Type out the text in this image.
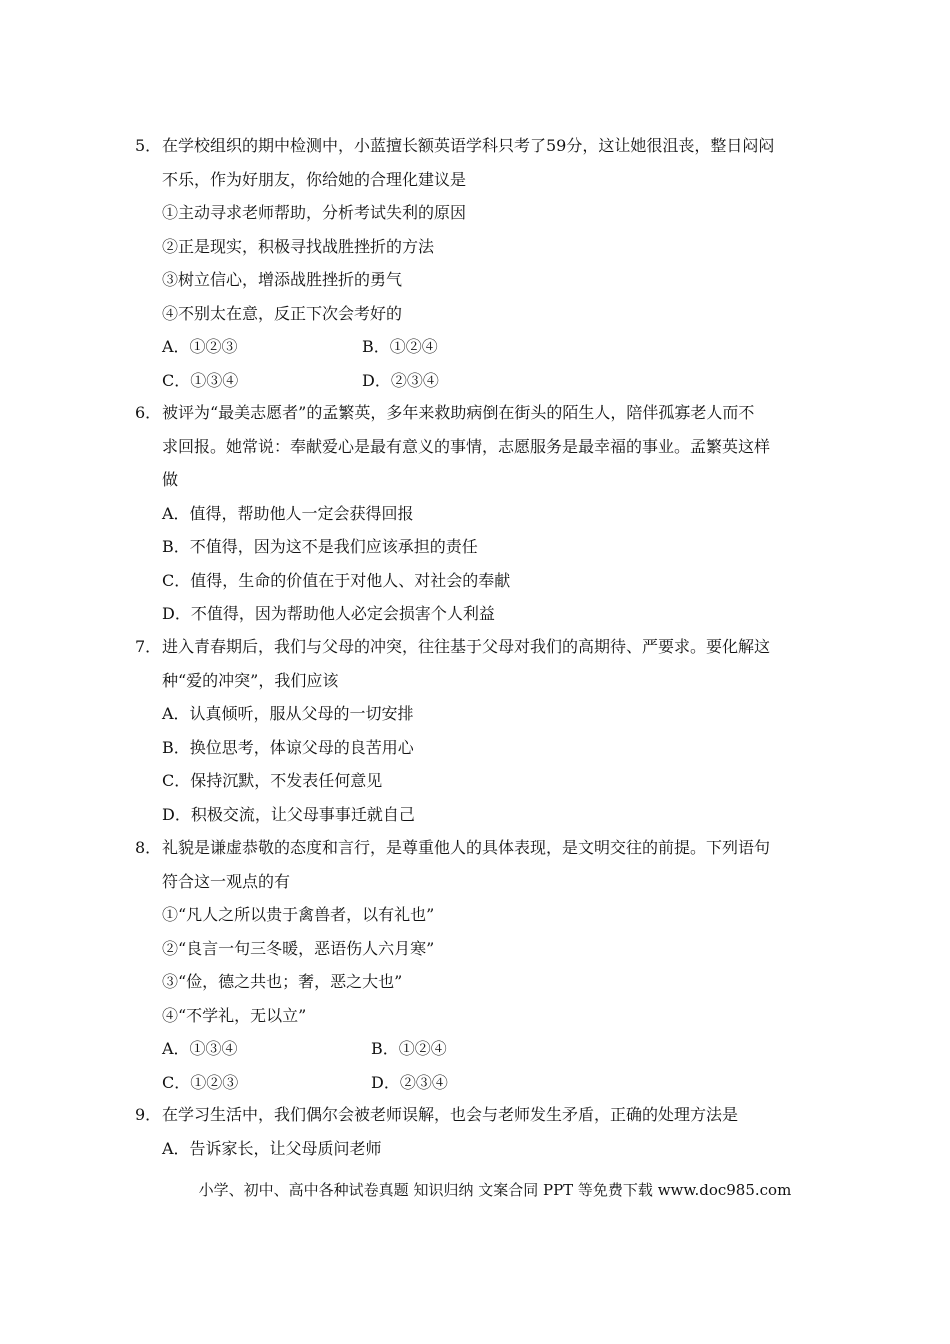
5．在学校组织的期中检测中，小蓝擅长额英语学科只考了59分，这让她很沮丧，整日闷闷
不乐，作为好朋友，你给她的合理化建议是
①主动寻求老师帮助，分析考试失利的原因
②正是现实，积极寻找战胜挫折的方法
③树立信心，增添战胜挫折的勇气
④不别太在意，反正下次会考好的
A．①②③	B．①②④
C．①③④	D．②③④
6．被评为“最美志愿者”的孟繁英，多年来救助病倒在街头的陌生人，陪伴孤寡老人而不
求回报。她常说：奉献爱心是最有意义的事情，志愿服务是最幸福的事业。孟繁英这样
做
A．值得，帮助他人一定会获得回报
B．不值得，因为这不是我们应该承担的责任
C．值得，生命的价值在于对他人、对社会的奉献
D．不值得，因为帮助他人必定会损害个人利益
7．进入青春期后，我们与父母的冲突，往往基于父母对我们的高期待、严要求。要化解这
种“爱的冲突”，我们应该
A．认真倾听，服从父母的一切安排
B．换位思考，体谅父母的良苦用心
C．保持沉默，不发表任何意见
D．积极交流，让父母事事迁就自己
8．礼貌是谦虚恭敬的态度和言行，是尊重他人的具体表现，是文明交往的前提。下列语句
符合这一观点的有
①“凡人之所以贵于禽兽者，以有礼也”
②“良言一句三冬暖，恶语伤人六月寒”
③“俭，德之共也；奢，恶之大也”
④“不学礼，无以立”
A．①③④	B．①②④
C．①②③	D．②③④
9．在学习生活中，我们偶尔会被老师误解，也会与老师发生矛盾，正确的处理方法是
A．告诉家长，让父母质问老师
小学、初中、高中各种试卷真题 知识归纳 文案合同 PPT 等免费下载 www.doc985.com
